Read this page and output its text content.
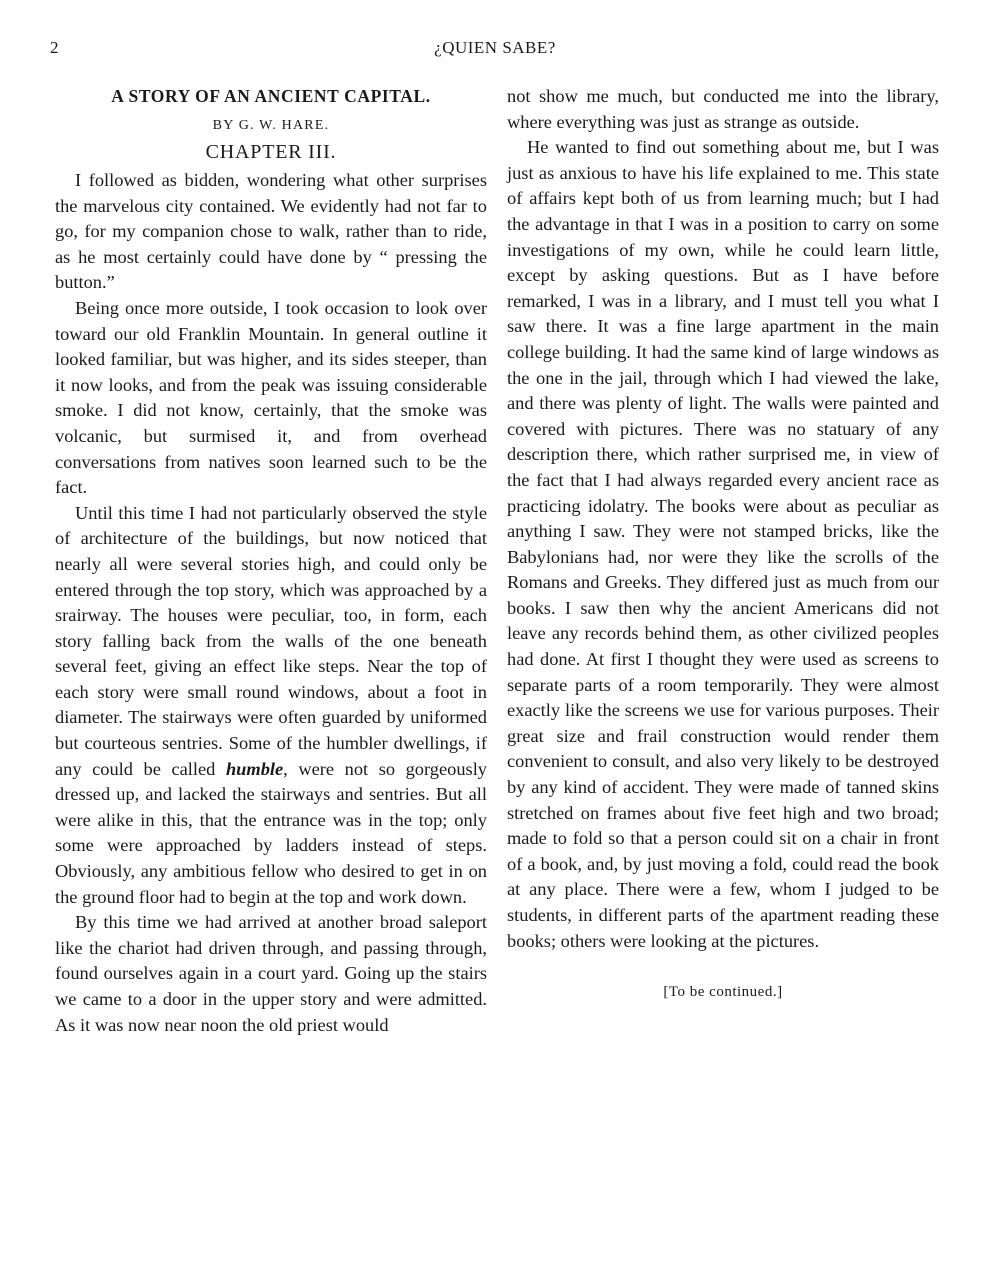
2	¿QUIEN SABE?
A STORY OF AN ANCIENT CAPITAL.
BY G. W. HARE.
CHAPTER III.

I followed as bidden, wondering what other surprises the marvelous city contained. We evidently had not far to go, for my companion chose to walk, rather than to ride, as he most certainly could have done by “ pressing the button.”

Being once more outside, I took occasion to look over toward our old Franklin Mountain. In general outline it looked familiar, but was higher, and its sides steeper, than it now looks, and from the peak was issuing considerable smoke. I did not know, certainly, that the smoke was volcanic, but surmised it, and from overhead conversations from natives soon learned such to be the fact.

Until this time I had not particularly observed the style of architecture of the buildings, but now noticed that nearly all were several stories high, and could only be entered through the top story, which was approached by a srairway. The houses were peculiar, too, in form, each story falling back from the walls of the one beneath several feet, giving an effect like steps. Near the top of each story were small round windows, about a foot in diameter. The stairways were often guarded by uniformed but courteous sentries. Some of the humbler dwellings, if any could be called humble, were not so gorgeously dressed up, and lacked the stairways and sentries. But all were alike in this, that the entrance was in the top; only some were approached by ladders instead of steps. Obviously, any ambitious fellow who desired to get in on the ground floor had to begin at the top and work down.

By this time we had arrived at another broad saleport like the chariot had driven through, and passing through, found ourselves again in a court yard. Going up the stairs we came to a door in the upper story and were admitted. As it was now near noon the old priest would

not show me much, but conducted me into the library, where everything was just as strange as outside.

He wanted to find out something about me, but I was just as anxious to have his life explained to me. This state of affairs kept both of us from learning much; but I had the advantage in that I was in a position to carry on some investigations of my own, while he could learn little, except by asking questions. But as I have before remarked, I was in a library, and I must tell you what I saw there. It was a fine large apartment in the main college building. It had the same kind of large windows as the one in the jail, through which I had viewed the lake, and there was plenty of light. The walls were painted and covered with pictures. There was no statuary of any description there, which rather surprised me, in view of the fact that I had always regarded every ancient race as practicing idolatry. The books were about as peculiar as anything I saw. They were not stamped bricks, like the Babylonians had, nor were they like the scrolls of the Romans and Greeks. They differed just as much from our books. I saw then why the ancient Americans did not leave any records behind them, as other civilized peoples had done. At first I thought they were used as screens to separate parts of a room temporarily. They were almost exactly like the screens we use for various purposes. Their great size and frail construction would render them convenient to consult, and also very likely to be destroyed by any kind of accident. They were made of tanned skins stretched on frames about five feet high and two broad; made to fold so that a person could sit on a chair in front of a book, and, by just moving a fold, could read the book at any place. There were a few, whom I judged to be students, in different parts of the apartment reading these books; others were looking at the pictures.

[To be continued.]
